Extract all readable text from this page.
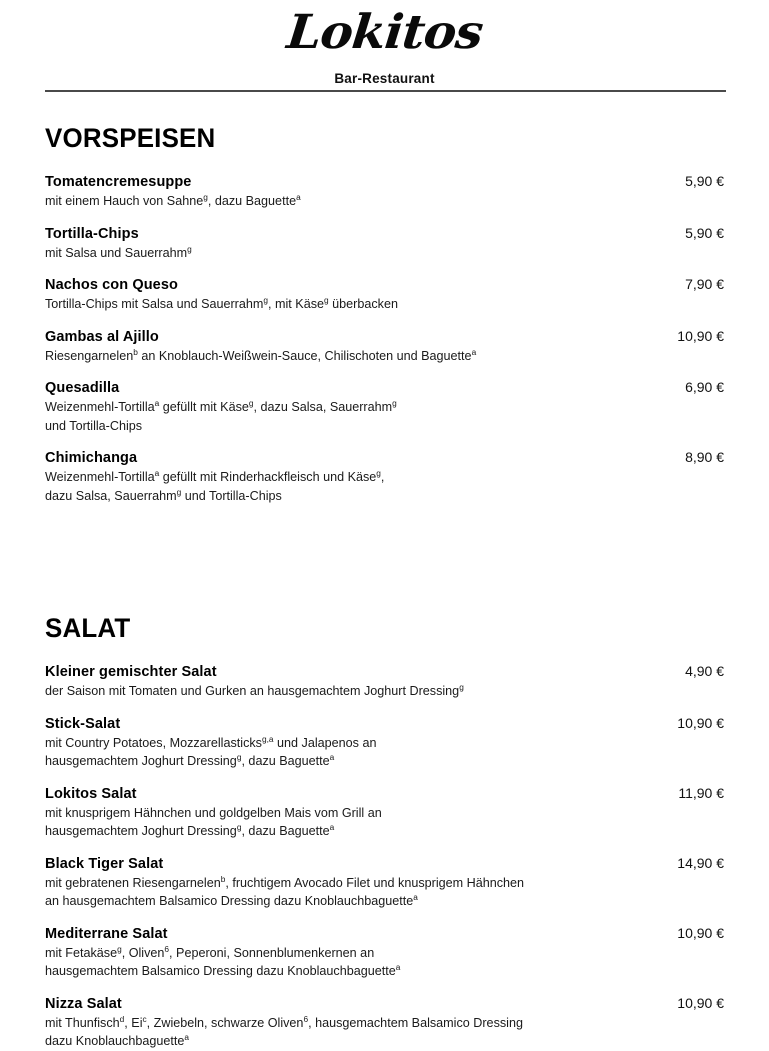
Lokitos
Bar-Restaurant
VORSPEISEN
Tomatencremesuppe	5,90 €
mit einem Hauch von Sahne$^g$, dazu Baguette$^a$
Tortilla-Chips	5,90 €
mit Salsa und Sauerrahm$^g$
Nachos con Queso	7,90 €
Tortilla-Chips mit Salsa und Sauerrahm$^g$, mit Käse$^g$ überbacken
Gambas al Ajillo	10,90 €
Riesengarnelen$^b$ an Knoblauch-Weißwein-Sauce, Chilischoten und Baguette$^a$
Quesadilla	6,90 €
Weizenmehl-Tortilla$^a$ gefüllt mit Käse$^g$, dazu Salsa, Sauerrahm$^g$
und Tortilla-Chips
Chimichanga	8,90 €
Weizenmehl-Tortilla$^a$ gefüllt mit Rinderhackfleisch und Käse$^g$,
dazu Salsa, Sauerrahm$^g$ und Tortilla-Chips
SALAT
Kleiner gemischter Salat	4,90 €
der Saison mit Tomaten und Gurken an hausgemachtem Joghurt Dressing$^g$
Stick-Salat	10,90 €
mit Country Potatoes, Mozzarellasticks$^{g,a}$ und Jalapenos an
hausgemachtem Joghurt Dressing$^g$, dazu Baguette$^a$
Lokitos Salat	11,90 €
mit knusprigem Hähnchen und goldgelben Mais vom Grill an
hausgemachtem Joghurt Dressing$^g$, dazu Baguette$^a$
Black Tiger Salat	14,90 €
mit gebratenen Riesengarnelen$^b$, fruchtigem Avocado Filet und knusprigem Hähnchen
an hausgemachtem Balsamico Dressing dazu Knoblauchbaguette$^a$
Mediterrane Salat	10,90 €
mit Fetakäse$^g$, Oliven$^6$, Peperoni, Sonnenblumenkernen an
hausgemachtem Balsamico Dressing dazu Knoblauchbaguette$^a$
Nizza Salat	10,90 €
mit Thunfisch$^d$, Ei$^c$, Zwiebeln, schwarze Oliven$^6$, hausgemachtem Balsamico Dressing
dazu Knoblauchbaguette$^a$
